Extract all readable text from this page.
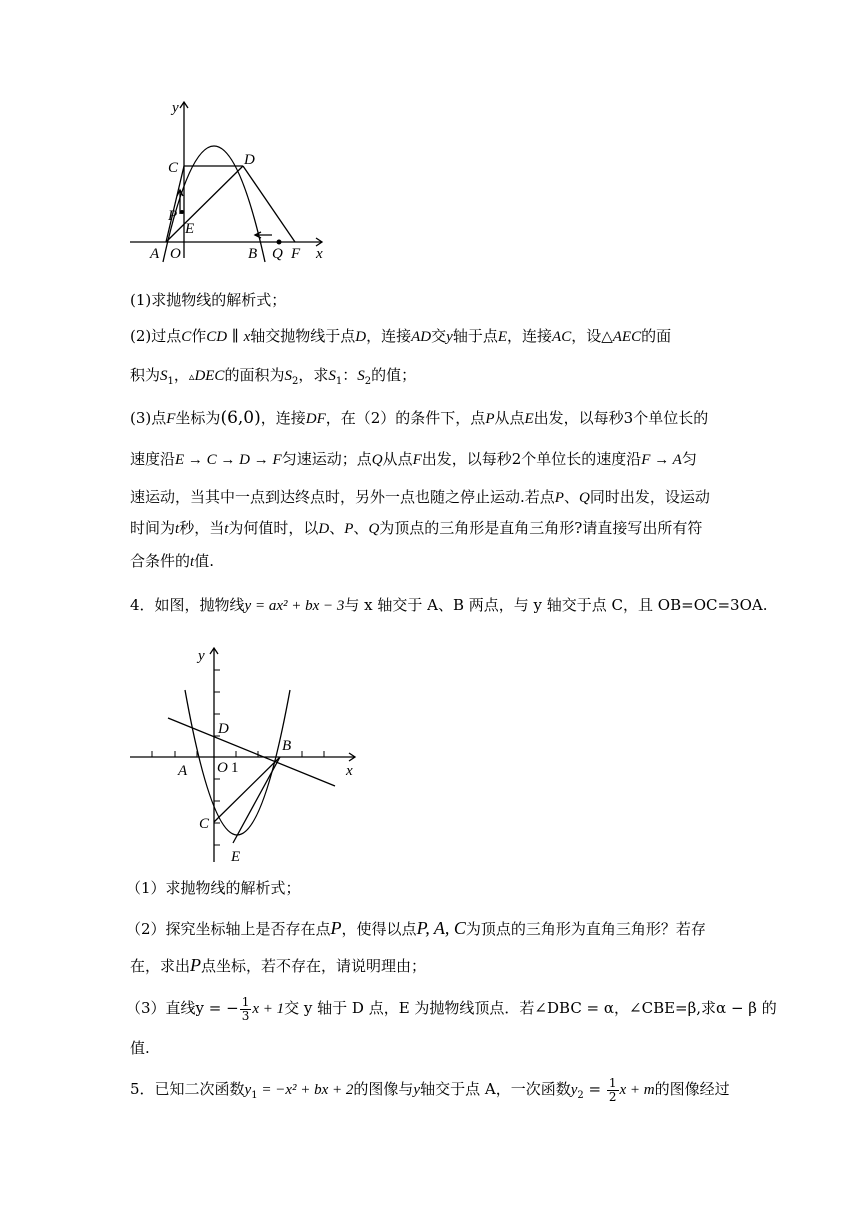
y
x
C	D
P
E
A O	B Q F
(1)求抛物线的解析式；
(2)过点C作CD ∥ x轴交抛物线于点D，连接AD交y轴于点E，连接AC，设△AEC的面
积为$S_1$，▵DEC的面积为$S_2$，求$S_1$：$S_2$的值；
(3)点F坐标为(6,0)，连接DF，在（2）的条件下，点P从点E出发，以每秒3个单位长的
速度沿E → C → D → F匀速运动；点Q从点F出发，以每秒2个单位长的速度沿F → A匀
速运动，当其中一点到达终点时，另外一点也随之停止运动.若点P、Q同时出发，设运动
时间为t秒，当t为何值时，以D、P、Q为顶点的三角形是直角三角形?请直接写出所有符
合条件的t值.
4．如图，抛物线y = ax² + bx − 3与 x 轴交于 A、B 两点，与 y 轴交于点 C，且 OB=OC=3OA.
y
x
D
A O 1
B
C
E
（1）求抛物线的解析式；
（2）探究坐标轴上是否存在点P，使得以点P, A, C为顶点的三角形为直角三角形？若存
在，求出P点坐标，若不存在，请说明理由；
（3）直线y = − $\frac{1}{3}$ x + 1交 y 轴于 D 点，E 为抛物线顶点．若∠DBC = α，∠CBE=β,求α − β 的
值.
5．已知二次函数$y_1 = -x^2$ + bx + 2的图像与y轴交于点 A，一次函数$y_2 = \frac{1}{2}$ x + m的图像经过
